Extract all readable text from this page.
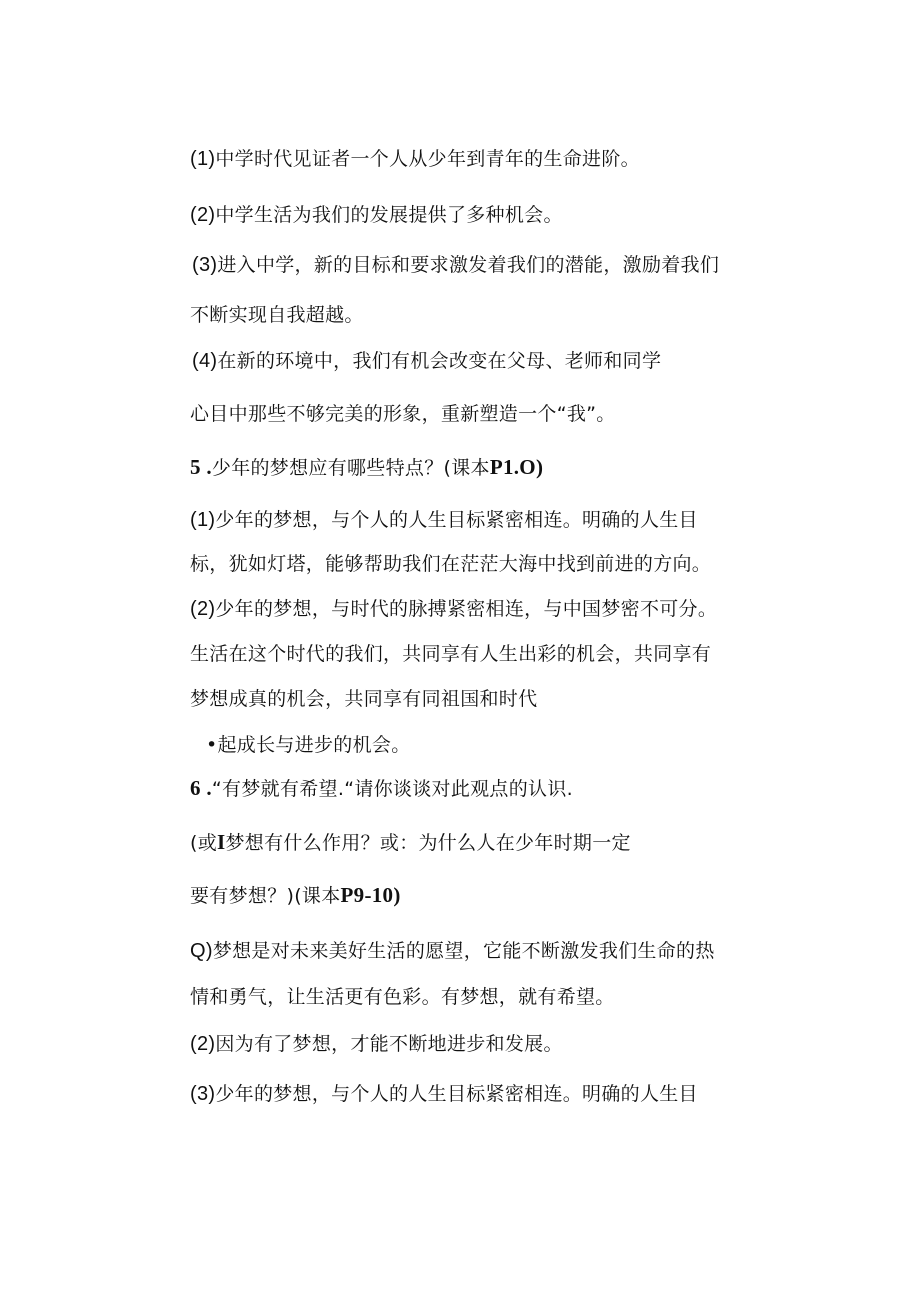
(1)中学时代见证者一个人从少年到青年的生命进阶。
(2)中学生活为我们的发展提供了多种机会。
(3)进入中学，新的目标和要求激发着我们的潜能，激励着我们
不断实现自我超越。
(4)在新的环境中，我们有机会改变在父母、老师和同学
心目中那些不够完美的形象，重新塑造一个“我”。
5 .少年的梦想应有哪些特点？(课本P1.O)
(1)少年的梦想，与个人的人生目标紧密相连。明确的人生目
标，犹如灯塔，能够帮助我们在茫茫大海中找到前进的方向。
(2)少年的梦想，与时代的脉搏紧密相连，与中国梦密不可分。
生活在这个时代的我们，共同享有人生出彩的机会，共同享有
梦想成真的机会，共同享有同祖国和时代
•起成长与进步的机会。
6 .“有梦就有希望.“请你谈谈对此观点的认识.
(或I梦想有什么作用？或：为什么人在少年时期一定
要有梦想？)(课本P9-10)
Q)梦想是对未来美好生活的愿望，它能不断激发我们生命的热
情和勇气，让生活更有色彩。有梦想，就有希望。
(2)因为有了梦想，才能不断地进步和发展。
(3)少年的梦想，与个人的人生目标紧密相连。明确的人生目
